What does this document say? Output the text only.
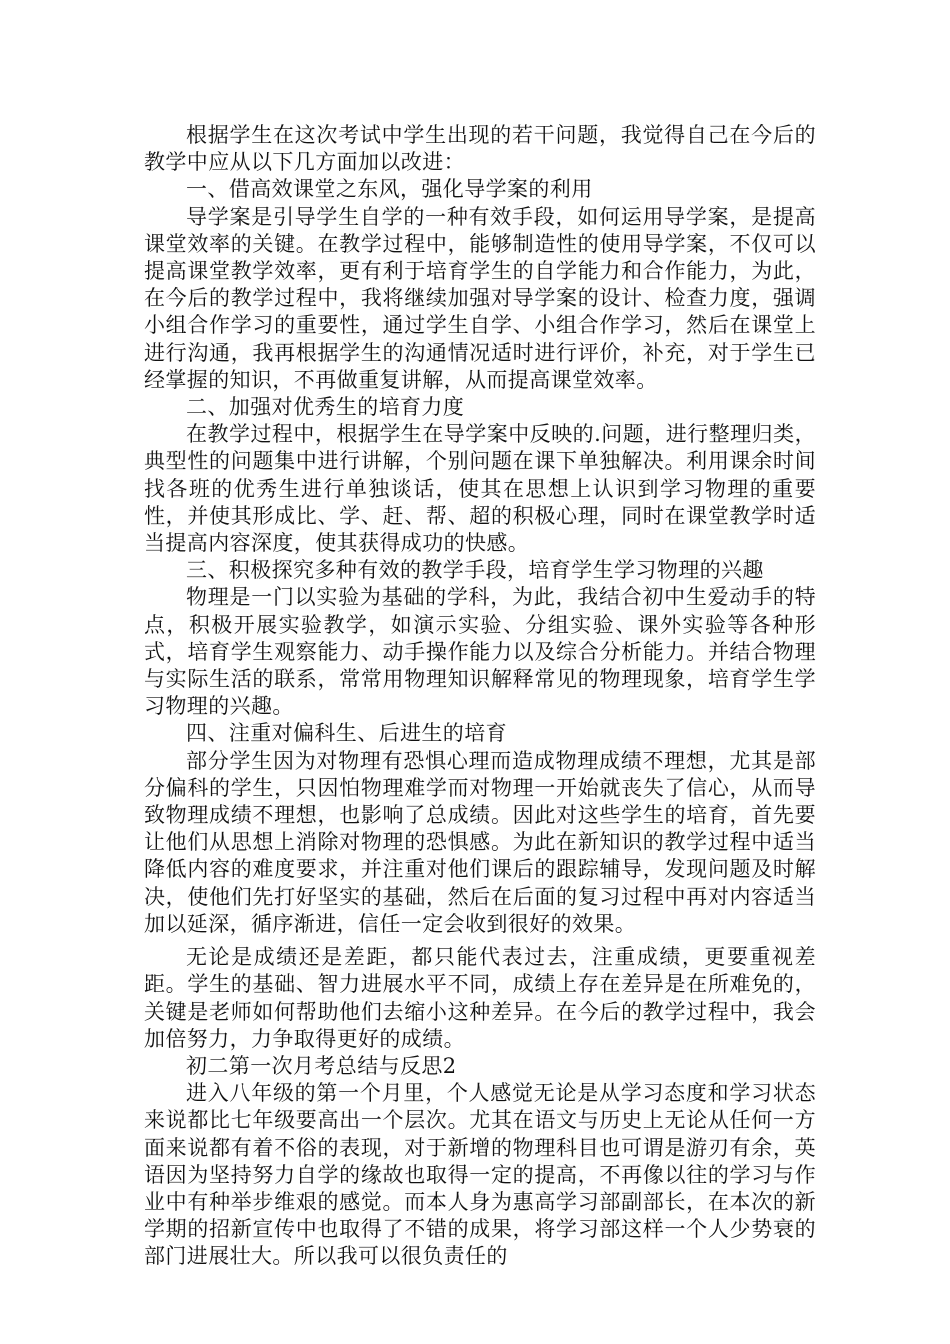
根据学生在这次考试中学生出现的若干问题，我觉得自己在今后的教学中应从以下几方面加以改进：

一、借高效课堂之东风，强化导学案的利用

导学案是引导学生自学的一种有效手段，如何运用导学案，是提高课堂效率的关键。在教学过程中，能够制造性的使用导学案，不仅可以提高课堂教学效率，更有利于培育学生的自学能力和合作能力，为此，在今后的教学过程中，我将继续加强对导学案的设计、检查力度，强调小组合作学习的重要性，通过学生自学、小组合作学习，然后在课堂上进行沟通，我再根据学生的沟通情况适时进行评价，补充，对于学生已经掌握的知识，不再做重复讲解，从而提高课堂效率。

二、加强对优秀生的培育力度

在教学过程中，根据学生在导学案中反映的.问题，进行整理归类，典型性的问题集中进行讲解，个别问题在课下单独解决。利用课余时间找各班的优秀生进行单独谈话，使其在思想上认识到学习物理的重要性，并使其形成比、学、赶、帮、超的积极心理，同时在课堂教学时适当提高内容深度，使其获得成功的快感。

三、积极探究多种有效的教学手段，培育学生学习物理的兴趣

物理是一门以实验为基础的学科，为此，我结合初中生爱动手的特点，积极开展实验教学，如演示实验、分组实验、课外实验等各种形式，培育学生观察能力、动手操作能力以及综合分析能力。并结合物理与实际生活的联系，常常用物理知识解释常见的物理现象，培育学生学习物理的兴趣。

四、注重对偏科生、后进生的培育

部分学生因为对物理有恐惧心理而造成物理成绩不理想，尤其是部分偏科的学生，只因怕物理难学而对物理一开始就丧失了信心，从而导致物理成绩不理想，也影响了总成绩。因此对这些学生的培育，首先要让他们从思想上消除对物理的恐惧感。为此在新知识的教学过程中适当降低内容的难度要求，并注重对他们课后的跟踪辅导，发现问题及时解决，使他们先打好坚实的基础，然后在后面的复习过程中再对内容适当加以延深，循序渐进，信任一定会收到很好的效果。

无论是成绩还是差距，都只能代表过去，注重成绩，更要重视差距。学生的基础、智力进展水平不同，成绩上存在差异是在所难免的，关键是老师如何帮助他们去缩小这种差异。在今后的教学过程中，我会加倍努力，力争取得更好的成绩。

初二第一次月考总结与反思2

进入八年级的第一个月里，个人感觉无论是从学习态度和学习状态来说都比七年级要高出一个层次。尤其在语文与历史上无论从任何一方面来说都有着不俗的表现，对于新增的物理科目也可谓是游刃有余，英语因为坚持努力自学的缘故也取得一定的提高，不再像以往的学习与作业中有种举步维艰的感觉。而本人身为惠高学习部副部长，在本次的新学期的招新宣传中也取得了不错的成果，将学习部这样一个人少势衰的部门进展壮大。所以我可以很负责任的
